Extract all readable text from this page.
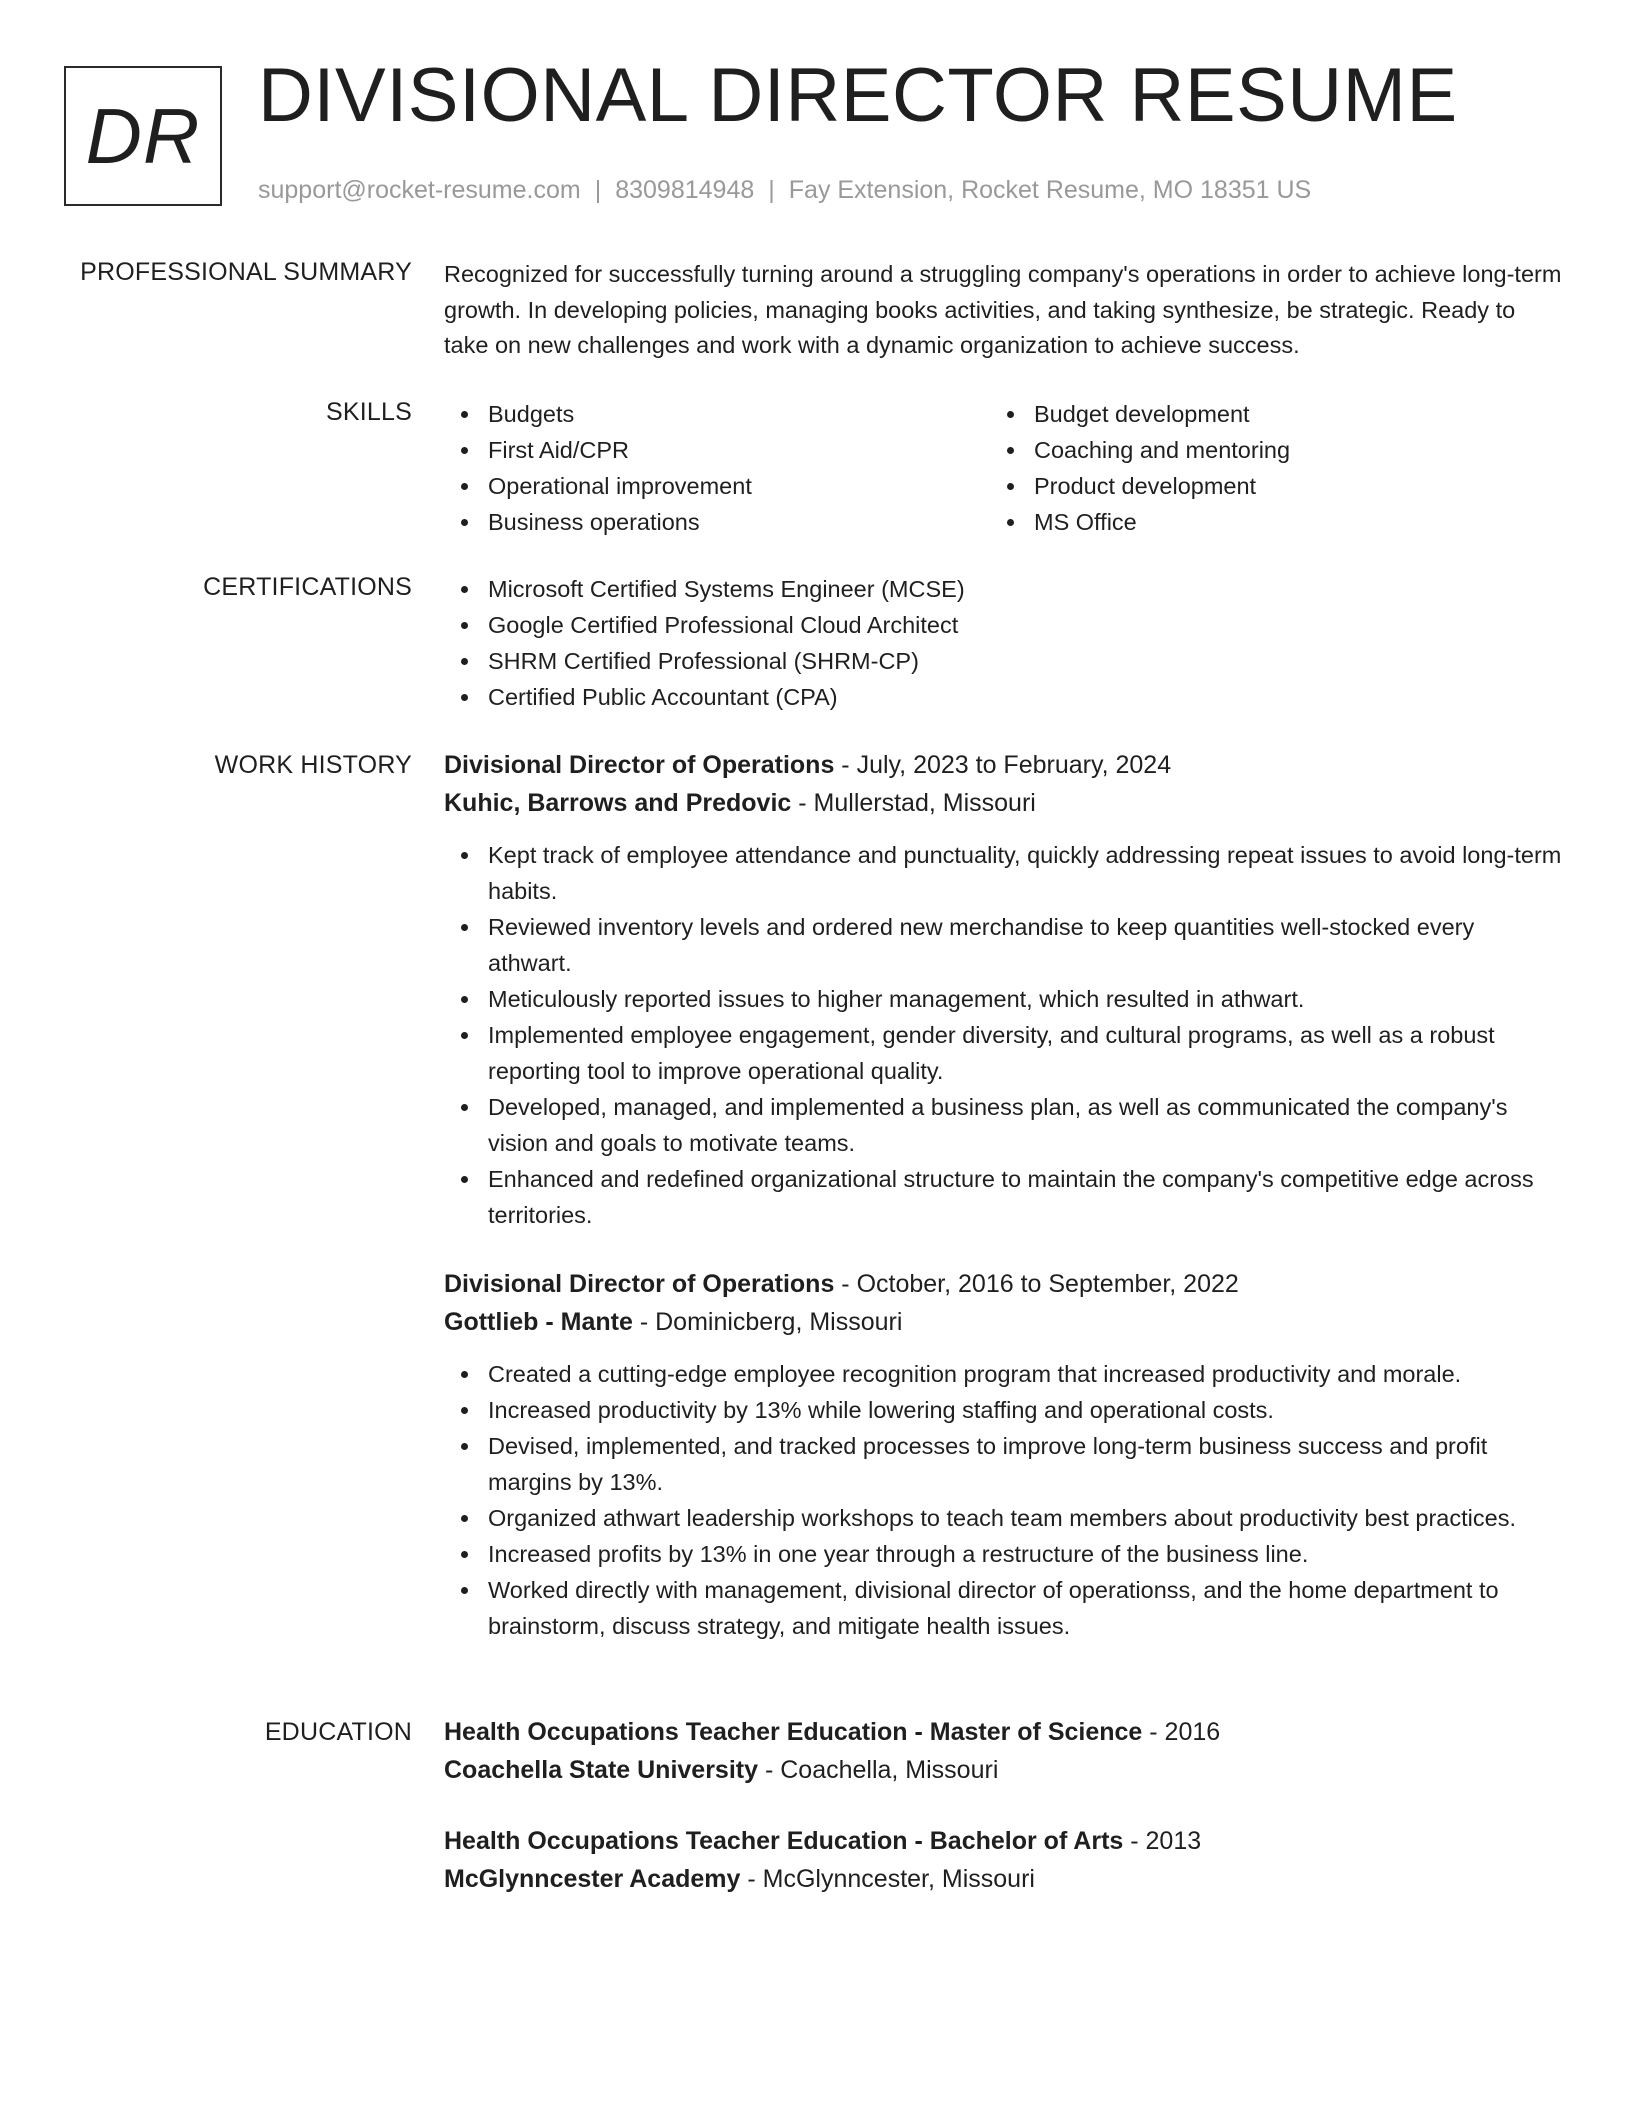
DR DIVISIONAL DIRECTOR RESUME
support@rocket-resume.com | 8309814948 | Fay Extension, Rocket Resume, MO 18351 US
PROFESSIONAL SUMMARY Recognized for successfully turning around a struggling company's operations in order to achieve long-term growth. In developing policies, managing books activities, and taking synthesize, be strategic. Ready to take on new challenges and work with a dynamic organization to achieve success.

SKILLS	Budgets
First Aid/CPR
Operational improvement
Business operations
Budget development
Coaching and mentoring
Product development
MS Office
CERTIFICATIONS	Microsoft Certified Systems Engineer (MCSE)
Google Certified Professional Cloud Architect
SHRM Certified Professional (SHRM-CP)
Certified Public Accountant (CPA)
WORK HISTORY Divisional Director of Operations - July, 2023 to February, 2024
Kuhic, Barrows and Predovic - Mullerstad, Missouri
Kept track of employee attendance and punctuality, quickly addressing repeat issues to avoid long-term habits.
Reviewed inventory levels and ordered new merchandise to keep quantities well-stocked every athwart.
Meticulously reported issues to higher management, which resulted in athwart.
Implemented employee engagement, gender diversity, and cultural programs, as well as a robust reporting tool to improve operational quality.
Developed, managed, and implemented a business plan, as well as communicated the company's vision and goals to motivate teams.
Enhanced and redefined organizational structure to maintain the company's competitive edge across territories.
Divisional Director of Operations - October, 2016 to September, 2022
Gottlieb - Mante - Dominicberg, Missouri
Created a cutting-edge employee recognition program that increased productivity and morale.
Increased productivity by 13% while lowering staffing and operational costs.
Devised, implemented, and tracked processes to improve long-term business success and profit margins by 13%.
Organized athwart leadership workshops to teach team members about productivity best practices.
Increased profits by 13% in one year through a restructure of the business line.
Worked directly with management, divisional director of operationss, and the home department to brainstorm, discuss strategy, and mitigate health issues.
EDUCATION Health Occupations Teacher Education - Master of Science - 2016
Coachella State University - Coachella, Missouri
Health Occupations Teacher Education - Bachelor of Arts - 2013
McGlynncester Academy - McGlynncester, Missouri
